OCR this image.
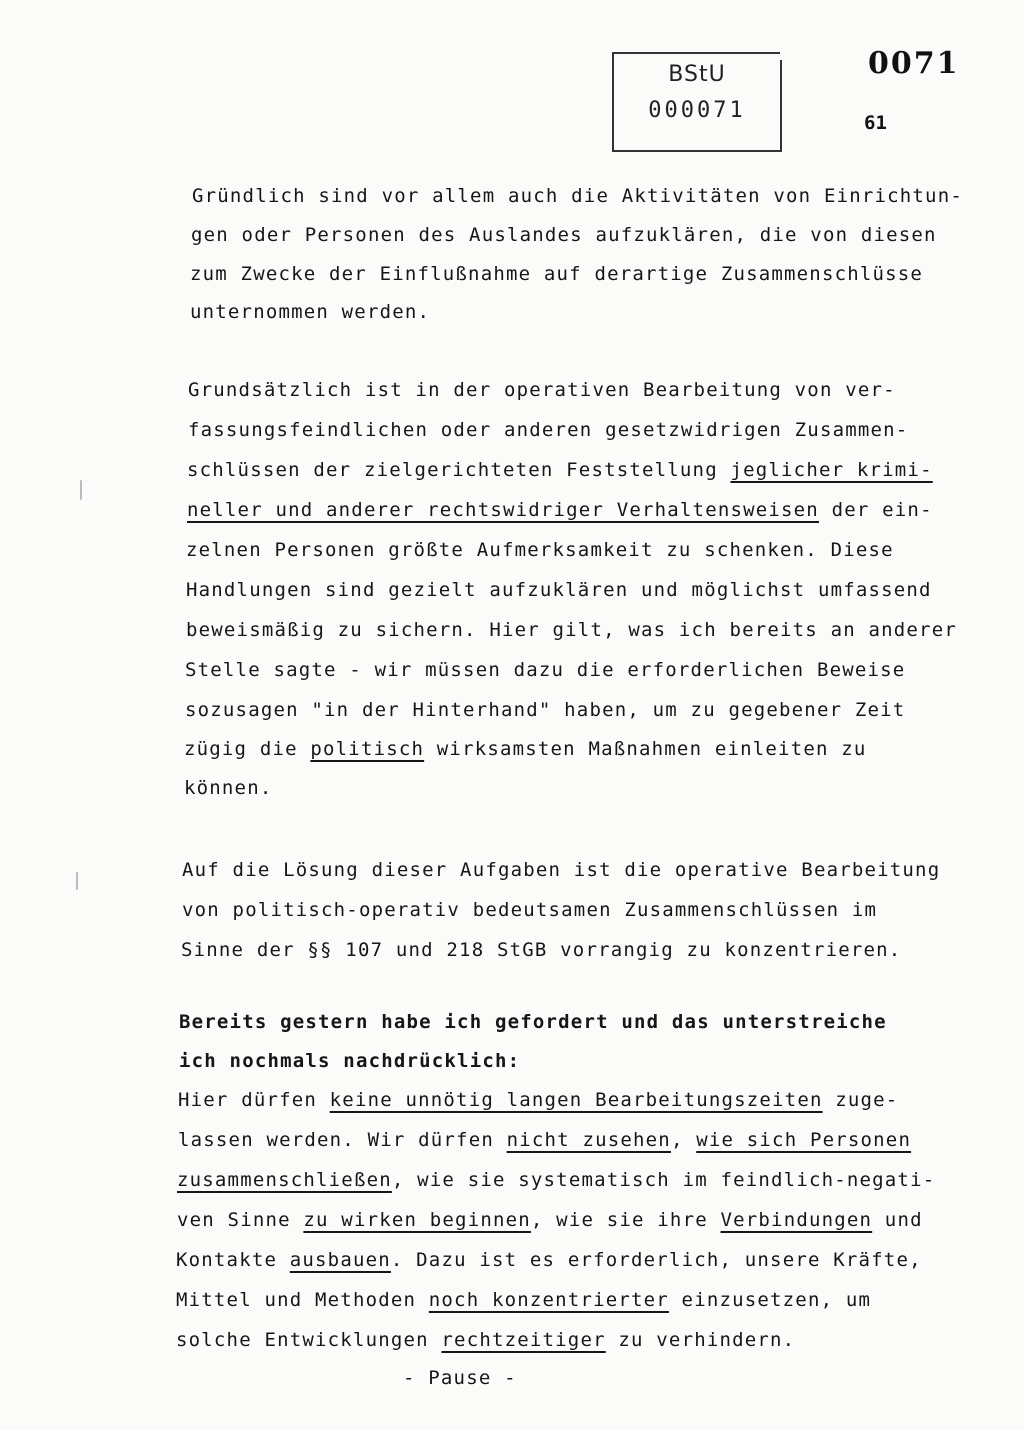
BStU
000071
0071
61
Gründlich sind vor allem auch die Aktivitäten von Einrichtun-
gen oder Personen des Auslandes aufzuklären, die von diesen
zum Zwecke der Einflußnahme auf derartige Zusammenschlüsse
unternommen werden.
Grundsätzlich ist in der operativen Bearbeitung von ver-
fassungsfeindlichen oder anderen gesetzwidrigen Zusammen-
schlüssen der zielgerichteten Feststellung jeglicher krimi-
neller und anderer rechtswidriger Verhaltensweisen der ein-
zelnen Personen größte Aufmerksamkeit zu schenken. Diese
Handlungen sind gezielt aufzuklären und möglichst umfassend
beweismäßig zu sichern. Hier gilt, was ich bereits an anderer
Stelle sagte - wir müssen dazu die erforderlichen Beweise
sozusagen "in der Hinterhand" haben, um zu gegebener Zeit
zügig die politisch wirksamsten Maßnahmen einleiten zu
können.
Auf die Lösung dieser Aufgaben ist die operative Bearbeitung
von politisch-operativ bedeutsamen Zusammenschlüssen im
Sinne der §§ 107 und 218 StGB vorrangig zu konzentrieren.
Bereits gestern habe ich gefordert und das unterstreiche
ich nochmals nachdrücklich:
Hier dürfen keine unnötig langen Bearbeitungszeiten zuge-
lassen werden. Wir dürfen nicht zusehen, wie sich Personen
zusammenschließen, wie sie systematisch im feindlich-negati-
ven Sinne zu wirken beginnen, wie sie ihre Verbindungen und
Kontakte ausbauen. Dazu ist es erforderlich, unsere Kräfte,
Mittel und Methoden noch konzentrierter einzusetzen, um
solche Entwicklungen rechtzeitiger zu verhindern.
- Pause -
